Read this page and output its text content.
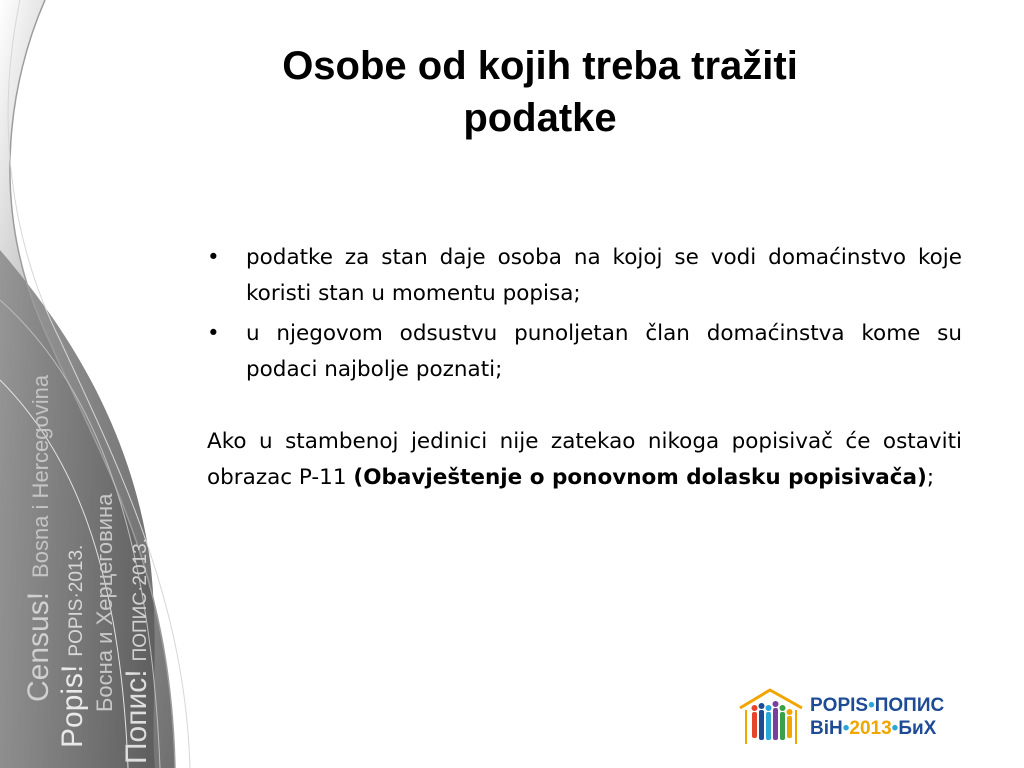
Census!Bosna i Hercegovina
Popis!POPIS·2013. Босна и Херцеговина
Попис!ПОПИС·2013.
Osobe od kojih treba tražiti podatke
• podatke za stan daje osoba na kojoj se vodi domaćinstvo koje koristi stan u momentu popisa;
• u njegovom odsustvu punoljetan član domaćinstva kome su podaci najbolje poznati;
Ako u stambenoj jedinici nije zatekao nikoga popisivač će ostaviti obrazac P-11 (Obavještenje o ponovnom dolasku popisivača);
POPIS•ПОПИС
BiH•2013•БиХ
